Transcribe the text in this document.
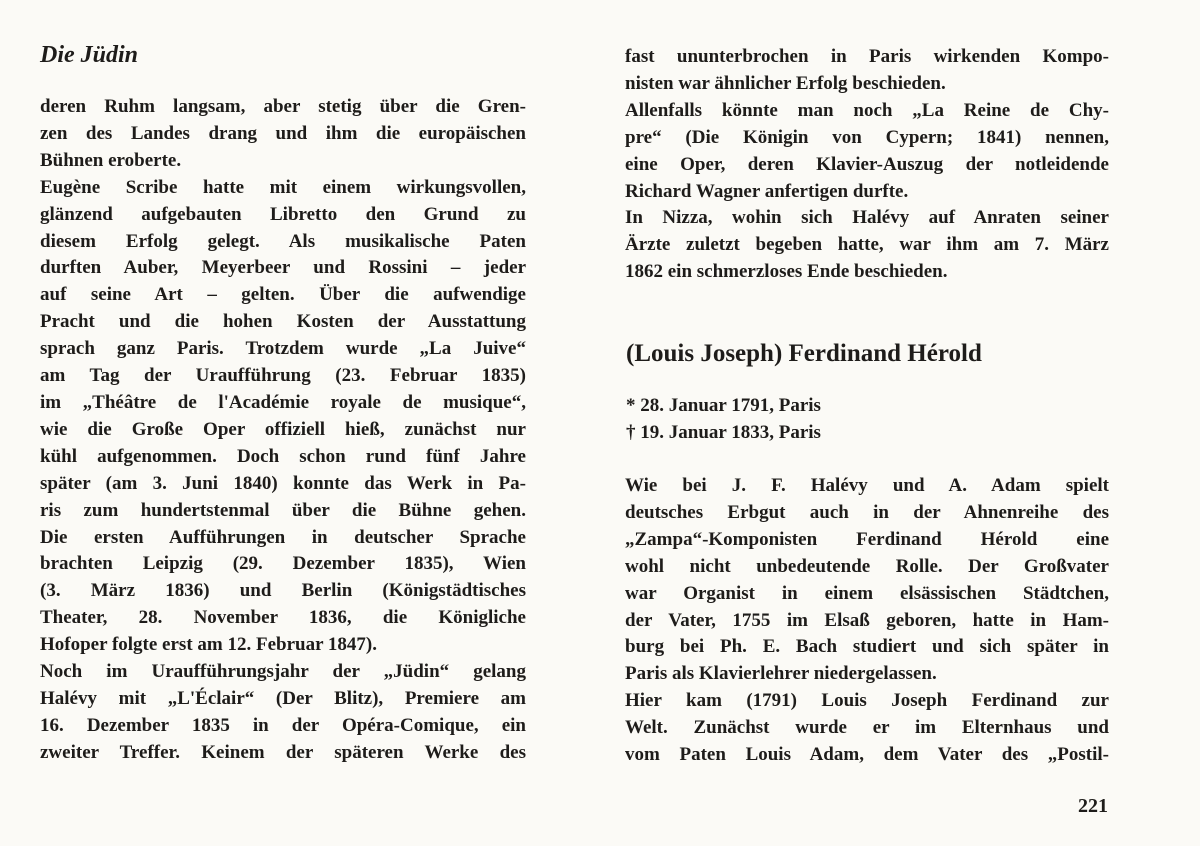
Die Jüdin
deren Ruhm langsam, aber stetig über die Gren-
zen des Landes drang und ihm die europäischen
Bühnen eroberte.
Eugène Scribe hatte mit einem wirkungsvollen,
glänzend aufgebauten Libretto den Grund zu
diesem Erfolg gelegt. Als musikalische Paten
durften Auber, Meyerbeer und Rossini – jeder
auf seine Art – gelten. Über die aufwendige
Pracht und die hohen Kosten der Ausstattung
sprach ganz Paris. Trotzdem wurde „La Juive“
am Tag der Uraufführung (23. Februar 1835)
im „Théâtre de l'Académie royale de musique“,
wie die Große Oper offiziell hieß, zunächst nur
kühl aufgenommen. Doch schon rund fünf Jahre
später (am 3. Juni 1840) konnte das Werk in Pa-
ris zum hundertstenmal über die Bühne gehen.
Die ersten Aufführungen in deutscher Sprache
brachten Leipzig (29. Dezember 1835), Wien
(3. März 1836) und Berlin (Königstädtisches
Theater, 28. November 1836, die Königliche
Hofoper folgte erst am 12. Februar 1847).
Noch im Uraufführungsjahr der „Jüdin“ gelang
Halévy mit „L'Éclair“ (Der Blitz), Premiere am
16. Dezember 1835 in der Opéra-Comique, ein
zweiter Treffer. Keinem der späteren Werke des
fast ununterbrochen in Paris wirkenden Kompo-
nisten war ähnlicher Erfolg beschieden.
Allenfalls könnte man noch „La Reine de Chy-
pre“ (Die Königin von Cypern; 1841) nennen,
eine Oper, deren Klavier-Auszug der notleidende
Richard Wagner anfertigen durfte.
In Nizza, wohin sich Halévy auf Anraten seiner
Ärzte zuletzt begeben hatte, war ihm am 7. März
1862 ein schmerzloses Ende beschieden.
(Louis Joseph) Ferdinand Hérold
* 28. Januar 1791, Paris
† 19. Januar 1833, Paris
Wie bei J. F. Halévy und A. Adam spielt
deutsches Erbgut auch in der Ahnenreihe des
„Zampa“-Komponisten Ferdinand Hérold eine
wohl nicht unbedeutende Rolle. Der Großvater
war Organist in einem elsässischen Städtchen,
der Vater, 1755 im Elsaß geboren, hatte in Ham-
burg bei Ph. E. Bach studiert und sich später in
Paris als Klavierlehrer niedergelassen.
Hier kam (1791) Louis Joseph Ferdinand zur
Welt. Zunächst wurde er im Elternhaus und
vom Paten Louis Adam, dem Vater des „Postil-
221
